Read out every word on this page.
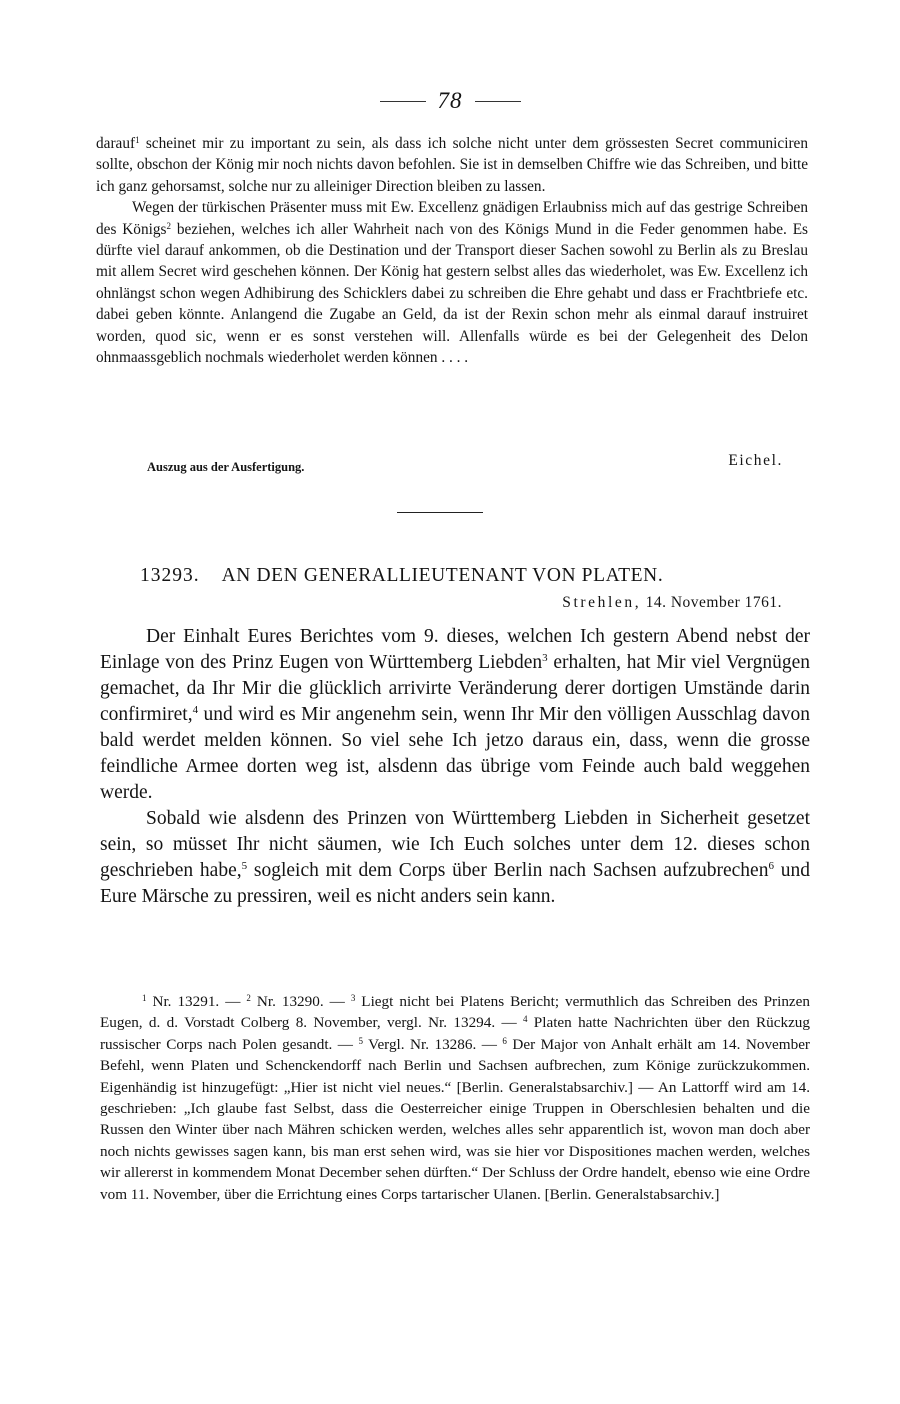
78

darauf$^1$ scheinet mir zu important zu sein, als dass ich solche nicht unter dem grössesten Secret communiciren sollte, obschon der König mir noch nichts davon befohlen. Sie ist in demselben Chiffre wie das Schreiben, und bitte ich ganz gehorsamst, solche nur zu alleiniger Direction bleiben zu lassen.

Wegen der türkischen Präsenter muss mit Ew. Excellenz gnädigen Erlaubniss mich auf das gestrige Schreiben des Königs$^2$ beziehen, welches ich aller Wahrheit nach von des Königs Mund in die Feder genommen habe. Es dürfte viel darauf ankommen, ob die Destination und der Transport dieser Sachen sowohl zu Berlin als zu Breslau mit allem Secret wird geschehen können. Der König hat gestern selbst alles das wiederholet, was Ew. Excellenz ich ohnlängst schon wegen Adhibirung des Schicklers dabei zu schreiben die Ehre gehabt und dass er Frachtbriefe etc. dabei geben könnte. Anlangend die Zugabe an Geld, da ist der Rexin schon mehr als einmal darauf instruiret worden, quod sic, wenn er es sonst verstehen will. Allenfalls würde es bei der Gelegenheit des Delon ohnmaassgeblich nochmals wiederholet werden können . . . .

Auszug aus der Ausfertigung.	Eichel.
13293. AN DEN GENERALLIEUTENANT VON PLATEN.
Strehlen, 14. November 1761.

Der Einhalt Eures Berichtes vom 9. dieses, welchen Ich gestern Abend nebst der Einlage von des Prinz Eugen von Württemberg Liebden$^3$ erhalten, hat Mir viel Vergnügen gemachet, da Ihr Mir die glücklich arrivirte Veränderung derer dortigen Umstände darin confirmiret,$^4$ und wird es Mir angenehm sein, wenn Ihr Mir den völligen Ausschlag davon bald werdet melden können. So viel sehe Ich jetzo daraus ein, dass, wenn die grosse feindliche Armee dorten weg ist, alsdenn das übrige vom Feinde auch bald weggehen werde.

Sobald wie alsdenn des Prinzen von Württemberg Liebden in Sicherheit gesetzet sein, so müsset Ihr nicht säumen, wie Ich Euch solches unter dem 12. dieses schon geschrieben habe,$^5$ sogleich mit dem Corps über Berlin nach Sachsen aufzubrechen$^6$ und Eure Märsche zu pressiren, weil es nicht anders sein kann.

$^1$ Nr. 13291. — $^2$ Nr. 13290. — $^3$ Liegt nicht bei Platens Bericht; vermuthlich das Schreiben des Prinzen Eugen, d. d. Vorstadt Colberg 8. November, vergl. Nr. 13294. — $^4$ Platen hatte Nachrichten über den Rückzug russischer Corps nach Polen gesandt. — $^5$ Vergl. Nr. 13286. — $^6$ Der Major von Anhalt erhält am 14. November Befehl, wenn Platen und Schenckendorff nach Berlin und Sachsen aufbrechen, zum Könige zurückzukommen. Eigenhändig ist hinzugefügt: „Hier ist nicht viel neues.“ [Berlin. Generalstabsarchiv.] — An Lattorff wird am 14. geschrieben: „Ich glaube fast Selbst, dass die Oesterreicher einige Truppen in Oberschlesien behalten und die Russen den Winter über nach Mähren schicken werden, welches alles sehr apparentlich ist, wovon man doch aber noch nichts gewisses sagen kann, bis man erst sehen wird, was sie hier vor Dispositiones machen werden, welches wir allererst in kommendem Monat December sehen dürften.“ Der Schluss der Ordre handelt, ebenso wie eine Ordre vom 11. November, über die Errichtung eines Corps tartarischer Ulanen. [Berlin. Generalstabsarchiv.]
